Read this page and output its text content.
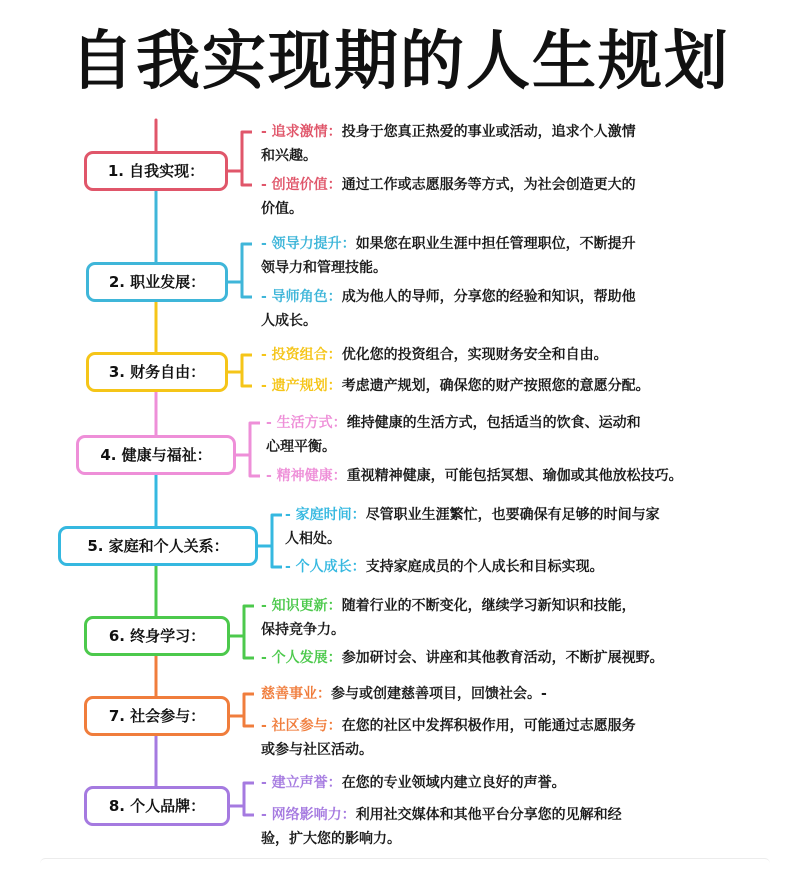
自我实现期的人生规划
1. 自我实现：
- 追求激情：投身于您真正热爱的事业或活动，追求个人激情
和兴趣。
- 创造价值：通过工作或志愿服务等方式，为社会创造更大的
价值。
2. 职业发展：
- 领导力提升：如果您在职业生涯中担任管理职位，不断提升
领导力和管理技能。
- 导师角色：成为他人的导师，分享您的经验和知识，帮助他
人成长。
3. 财务自由：
- 投资组合：优化您的投资组合，实现财务安全和自由。
- 遗产规划：考虑遗产规划，确保您的财产按照您的意愿分配。
4. 健康与福祉：
- 生活方式：维持健康的生活方式，包括适当的饮食、运动和
心理平衡。
- 精神健康：重视精神健康，可能包括冥想、瑜伽或其他放松技巧。
5. 家庭和个人关系：
- 家庭时间：尽管职业生涯繁忙，也要确保有足够的时间与家
人相处。
- 个人成长：支持家庭成员的个人成长和目标实现。
6. 终身学习：
- 知识更新：随着行业的不断变化，继续学习新知识和技能，
保持竞争力。
- 个人发展：参加研讨会、讲座和其他教育活动，不断扩展视野。
7. 社会参与：
慈善事业：参与或创建慈善项目，回馈社会。-
- 社区参与：在您的社区中发挥积极作用，可能通过志愿服务
或参与社区活动。
8. 个人品牌：
- 建立声誉：在您的专业领域内建立良好的声誉。
- 网络影响力：利用社交媒体和其他平台分享您的见解和经
验，扩大您的影响力。
